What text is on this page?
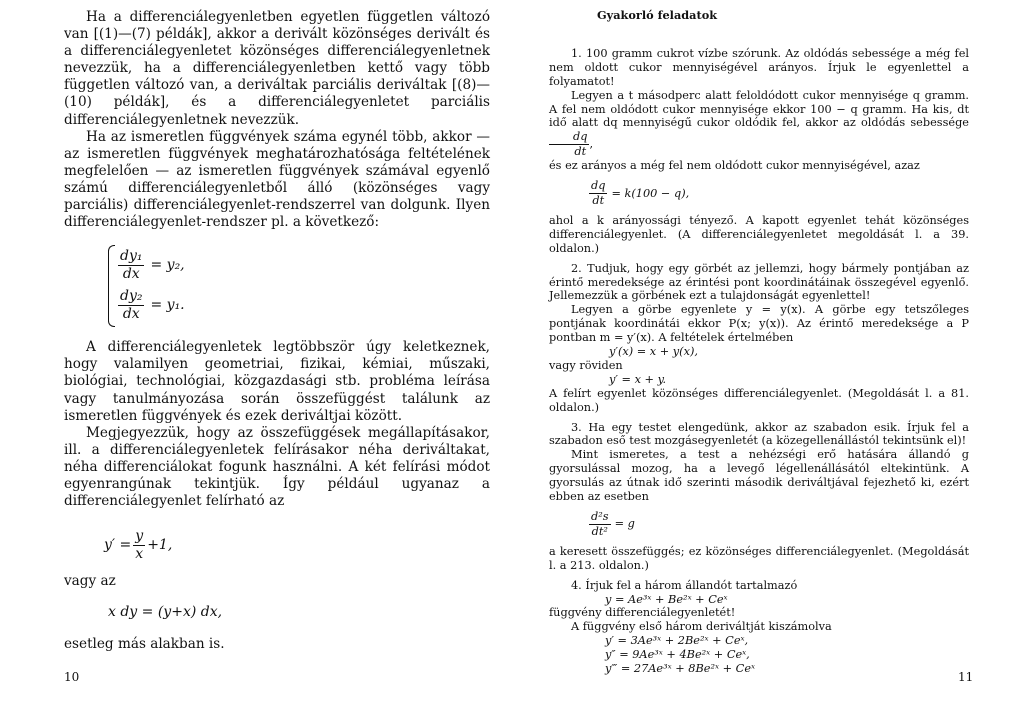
Ha a differenciálegyenletben egyetlen független változó van [(1)—(7) példák], akkor a derivált közönséges derivált és a differenciálegyenletet közönséges differenciálegyenletnek nevezzük, ha a differenciálegyenletben kettő vagy több független változó van, a deriváltak parciális deriváltak [(8)—(10) példák], és a differenciálegyenletet parciális differenciálegyenletnek nevezzük.

Ha az ismeretlen függvények száma egynél több, akkor — az ismeretlen függvények meghatározhatósága feltételének megfelelően — az ismeretlen függvények számával egyenlő számú differenciálegyenletből álló (közönséges vagy parciális) differenciálegyenlet-rendszerrel van dolgunk. Ilyen differenciálegyenlet-rendszer pl. a következő:

$\frac{\text{dy₁}}{dx} = y_2$,
$\frac{\text{dy₂}}{dx} = y_1$.

A differenciálegyenletek legtöbbször úgy keletkeznek, hogy valamilyen geometriai, fizikai, kémiai, műszaki, biológiai, technológiai, közgazdasági stb. probléma leírása vagy tanulmányozása során összefüggést találunk az ismeretlen függvények és ezek deriváltjai között.

Megjegyezzük, hogy az összefüggések megállapításakor, ill. a differenciálegyenletek felírásakor néha deriváltakat, néha differenciálokat fogunk használni. A két felírási módot egyenrangúnak tekintjük. Így például ugyanaz a differenciálegyenlet felírható az

$y' = \frac{y}{x} +1$,

vagy az

x dy = (y+x) dx,

esetleg más alakban is.

10
Gyakorló feladatok

1. 100 gramm cukrot vízbe szórunk. Az oldódás sebessége a még fel nem oldott cukor mennyiségével arányos. Írjuk le egyenlettel a folyamatot!

Legyen a t másodperc alatt feloldódott cukor mennyisége q gramm. A fel nem oldódott cukor mennyisége ekkor 100 − q gramm. Ha kis, dt idő alatt dq mennyiségű cukor oldódik fel, akkor az oldódás sebessége
$\frac{dq}{dt}$ ,

és ez arányos a még fel nem oldódott cukor mennyiségével, azaz

$\frac{dq}{dt} = k(100 - q)$,

ahol a k arányossági tényező. A kapott egyenlet tehát közönséges differenciálegyenlet. (A differenciálegyenletet megoldását l. a 39. oldalon.)

2. Tudjuk, hogy egy görbét az jellemzi, hogy bármely pontjában az érintő meredeksége az érintési pont koordinátáinak összegével egyenlő. Jellemezzük a görbének ezt a tulajdonságát egyenlettel!

Legyen a görbe egyenlete y = y(x). A görbe egy tetszőleges pontjának koordinátái ekkor P(x; y(x)). Az érintő meredeksége a P pontban m = y′(x). A feltételek értelmében

y′(x) = x + y(x),

vagy röviden

y′ = x + y.

A felírt egyenlet közönséges differenciálegyenlet. (Megoldását l. a 81. oldalon.)

3. Ha egy testet elengedünk, akkor az szabadon esik. Írjuk fel a szabadon eső test mozgásegyenletét (a közegellenállástól tekintsünk el)!

Mint ismeretes, a test a nehézségi erő hatására állandó g gyorsulással mozog, ha a levegő légellenállásától eltekintünk. A gyorsulás az útnak idő szerinti második deriváltjával fejezhető ki, ezért ebben az esetben

$\frac{\text{d²s}}{\text{dt²}} = g$

a keresett összefüggés; ez közönséges differenciálegyenlet. (Megoldását l. a 213. oldalon.)

4. Írjuk fel a három állandót tartalmazó

y = Ae³ˣ + Be²ˣ + Ceˣ

függvény differenciálegyenletét!

A függvény első három deriváltját kiszámolva

y′ = 3Ae³ˣ + 2Be²ˣ + Ceˣ,
y″ = 9Ae³ˣ + 4Be²ˣ + Ceˣ,
y‴ = 27Ae³ˣ + 8Be²ˣ + Ceˣ
11
